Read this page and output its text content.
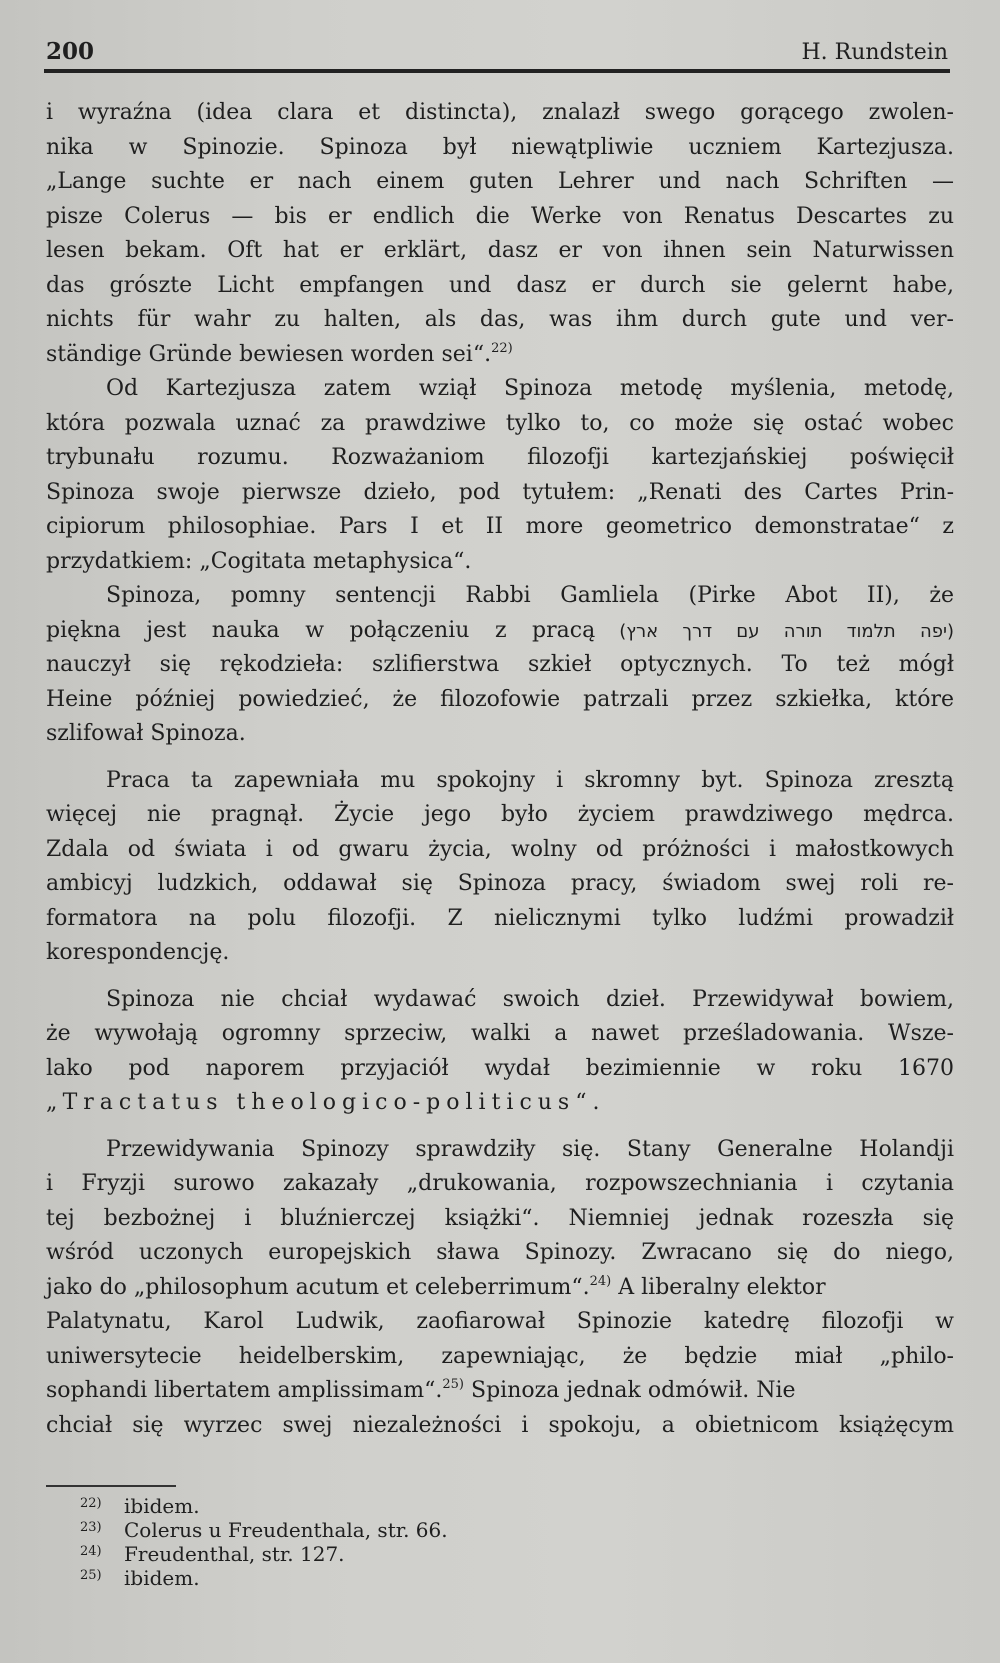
200	H. Rundstein
i wyraźna (idea clara et distincta), znalazł swego gorącego zwolen-
nika w Spinozie. Spinoza był niewątpliwie uczniem Kartezjusza.
„Lange suchte er nach einem guten Lehrer und nach Schriften —
pisze Colerus — bis er endlich die Werke von Renatus Descartes zu
lesen bekam. Oft hat er erklärt, dasz er von ihnen sein Naturwissen
das grószte Licht empfangen und dasz er durch sie gelernt habe,
nichts für wahr zu halten, als das, was ihm durch gute und ver-
ständige Gründe bewiesen worden sei“.$^{22)}$
Od Kartezjusza zatem wziął Spinoza metodę myślenia, metodę,
która pozwala uznać za prawdziwe tylko to, co może się ostać wobec
trybunału rozumu. Rozważaniom filozofji kartezjańskiej poświęcił
Spinoza swoje pierwsze dzieło, pod tytułem: „Renati des Cartes Prin-
cipiorum philosophiae. Pars I et II more geometrico demonstratae“ z
przydatkiem: „Cogitata metaphysica“.
Spinoza, pomny sentencji Rabbi Gamliela (Pirke Abot II), że
piękna jest nauka w połączeniu z pracą (יפה תלמוד תורה עם דרך ארץ)
nauczył się rękodzieła: szlifierstwa szkieł optycznych. To też mógł
Heine później powiedzieć, że filozofowie patrzali przez szkiełka, które
szlifował Spinoza.
Praca ta zapewniała mu spokojny i skromny byt. Spinoza zresztą
więcej nie pragnął. Życie jego było życiem prawdziwego mędrca.
Zdala od świata i od gwaru życia, wolny od próżności i małostkowych
ambicyj ludzkich, oddawał się Spinoza pracy, świadom swej roli re-
formatora na polu filozofji. Z nielicznymi tylko ludźmi prowadził
korespondencję.
Spinoza nie chciał wydawać swoich dzieł. Przewidywał bowiem,
że wywołają ogromny sprzeciw, walki a nawet prześladowania. Wsze-
lako pod naporem przyjaciół wydał bezimiennie w roku 1670
„Tractatus theologico-politicus“.
Przewidywania Spinozy sprawdziły się. Stany Generalne Holandji
i Fryzji surowo zakazały „drukowania, rozpowszechniania i czytania
tej bezbożnej i bluźnierczej książki“. Niemniej jednak rozeszła się
wśród uczonych europejskich sława Spinozy. Zwracano się do niego,
jako do „philosophum acutum et celeberrimum“.$^{24)}$ A liberalny elektor
Palatynatu, Karol Ludwik, zaofiarował Spinozie katedrę filozofji w
uniwersytecie heidelberskim, zapewniając, że będzie miał „philo-
sophandi libertatem amplissimam“.$^{25)}$ Spinoza jednak odmówił. Nie
chciał się wyrzec swej niezależności i spokoju, a obietnicom książęcym
22) ibidem.
23) Colerus u Freudenthala, str. 66.
24) Freudenthal, str. 127.
25) ibidem.
